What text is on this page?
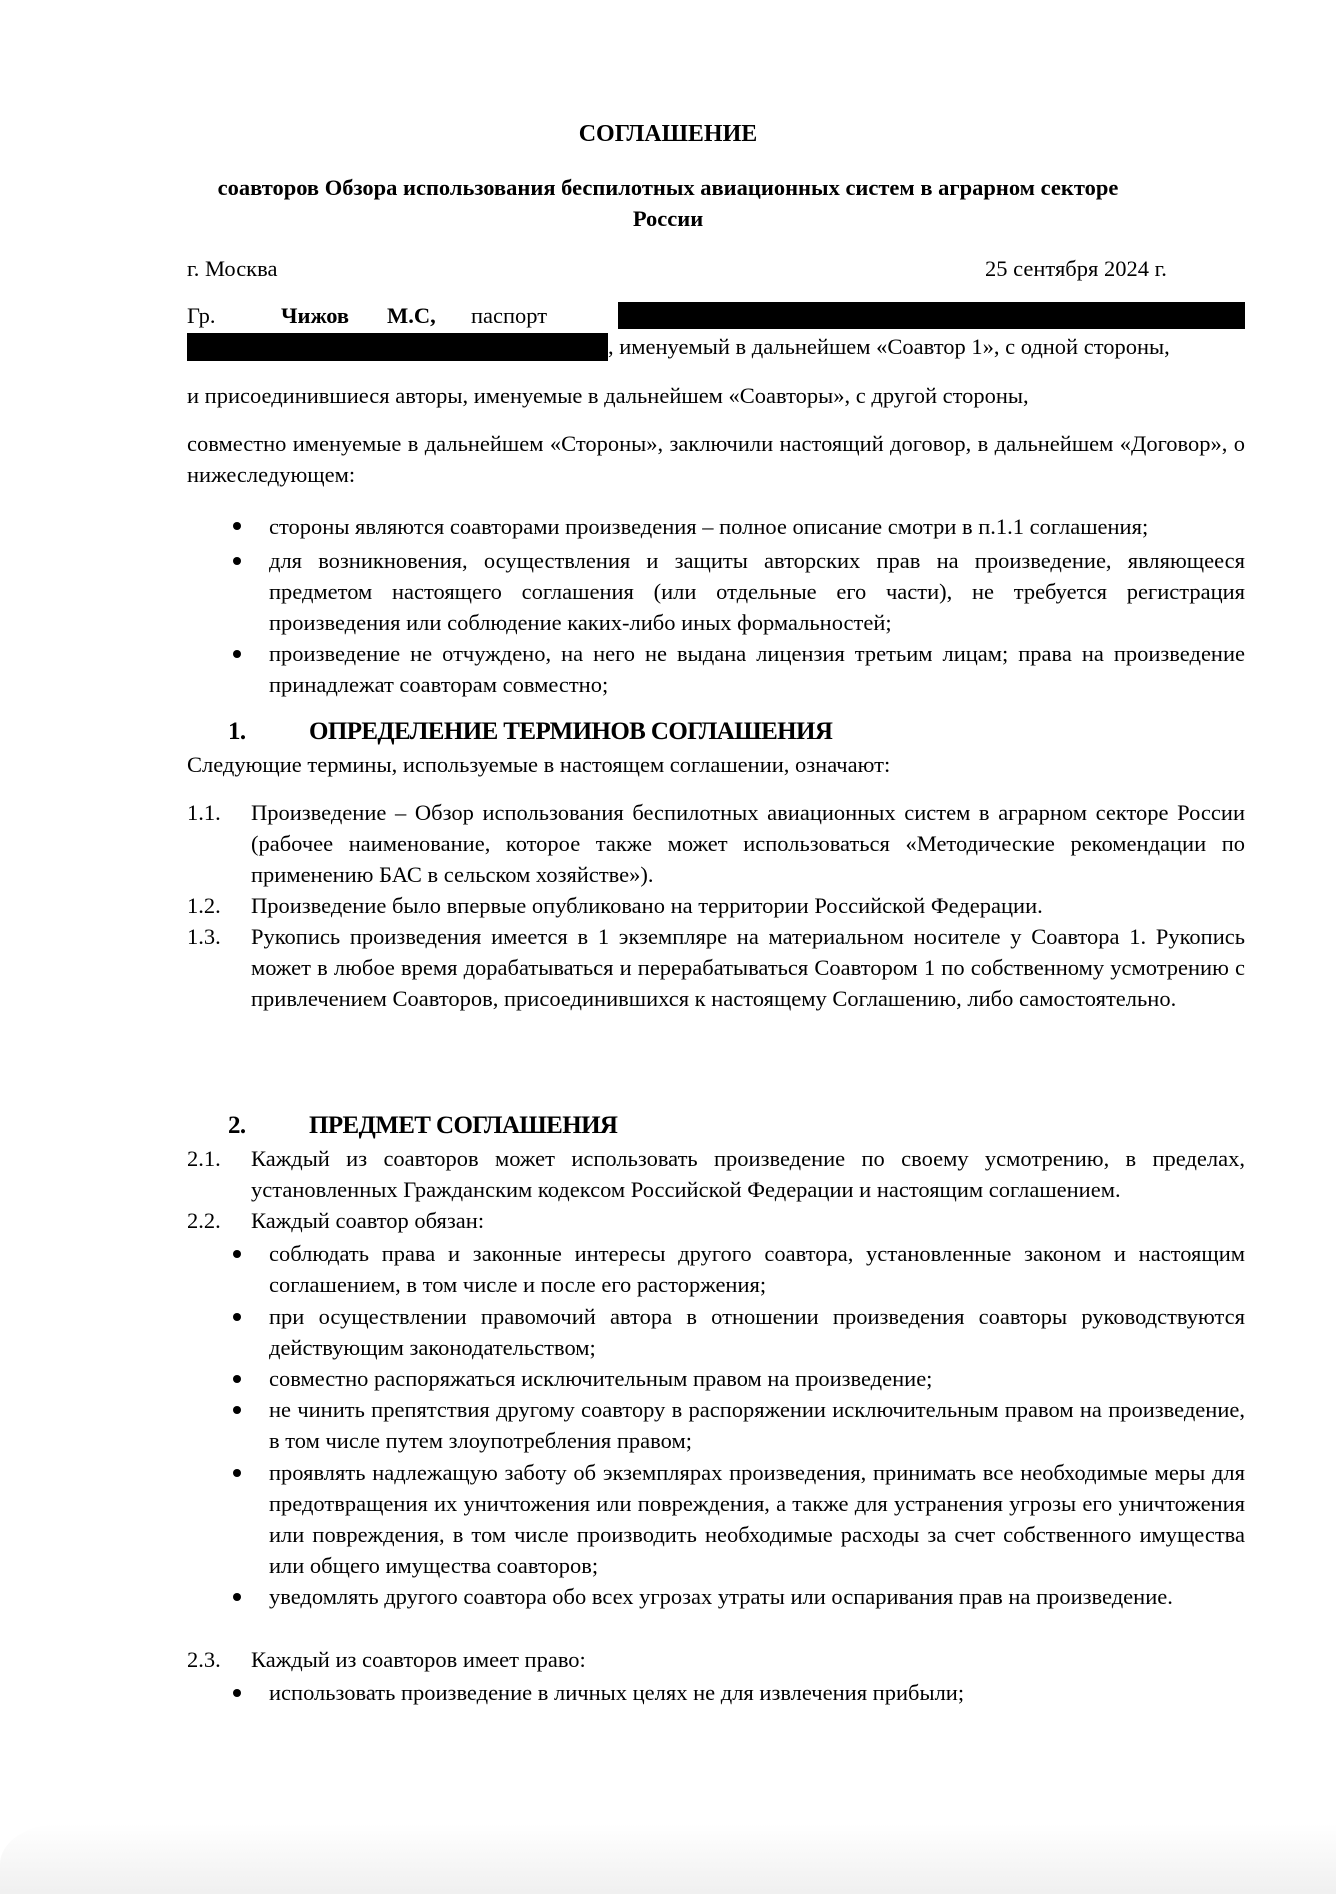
СОГЛАШЕНИЕ
соавторов Обзора использования беспилотных авиационных систем в аграрном секторе
России
г. Москва	25 сентября 2024 г.
Гр.	Чижов М.С, паспорт
, именуемый в дальнейшем «Соавтор 1», с одной стороны,
и присоединившиеся авторы, именуемые в дальнейшем «Соавторы», с другой стороны,
совместно именуемые в дальнейшем «Стороны», заключили настоящий договор, в дальнейшем «Договор», о нижеследующем:
стороны являются соавторами произведения – полное описание смотри в п.1.1 соглашения;
для возникновения, осуществления и защиты авторских прав на произведение, являющееся предметом настоящего соглашения (или отдельные его части), не требуется регистрация произведения или соблюдение каких-либо иных формальностей;
произведение не отчуждено, на него не выдана лицензия третьим лицам; права на произведение принадлежат соавторам совместно;
1.	ОПРЕДЕЛЕНИЕ ТЕРМИНОВ СОГЛАШЕНИЯ
Следующие термины, используемые в настоящем соглашении, означают:
1.1. Произведение – Обзор использования беспилотных авиационных систем в аграрном секторе России (рабочее наименование, которое также может использоваться «Методические рекомендации по применению БАС в сельском хозяйстве»).
1.2. Произведение было впервые опубликовано на территории Российской Федерации.
1.3. Рукопись произведения имеется в 1 экземпляре на материальном носителе у Соавтора 1. Рукопись может в любое время дорабатываться и перерабатываться Соавтором 1 по собственному усмотрению с привлечением Соавторов, присоединившихся к настоящему Соглашению, либо самостоятельно.
2.	ПРЕДМЕТ СОГЛАШЕНИЯ
2.1. Каждый из соавторов может использовать произведение по своему усмотрению, в пределах, установленных Гражданским кодексом Российской Федерации и настоящим соглашением.
2.2. Каждый соавтор обязан:
соблюдать права и законные интересы другого соавтора, установленные законом и настоящим соглашением, в том числе и после его расторжения;
при осуществлении правомочий автора в отношении произведения соавторы руководствуются действующим законодательством;
совместно распоряжаться исключительным правом на произведение;
не чинить препятствия другому соавтору в распоряжении исключительным правом на произведение, в том числе путем злоупотребления правом;
проявлять надлежащую заботу об экземплярах произведения, принимать все необходимые меры для предотвращения их уничтожения или повреждения, а также для устранения угрозы его уничтожения или повреждения, в том числе производить необходимые расходы за счет собственного имущества или общего имущества соавторов;
уведомлять другого соавтора обо всех угрозах утраты или оспаривания прав на произведение.
2.3. Каждый из соавторов имеет право:
использовать произведение в личных целях не для извлечения прибыли;
